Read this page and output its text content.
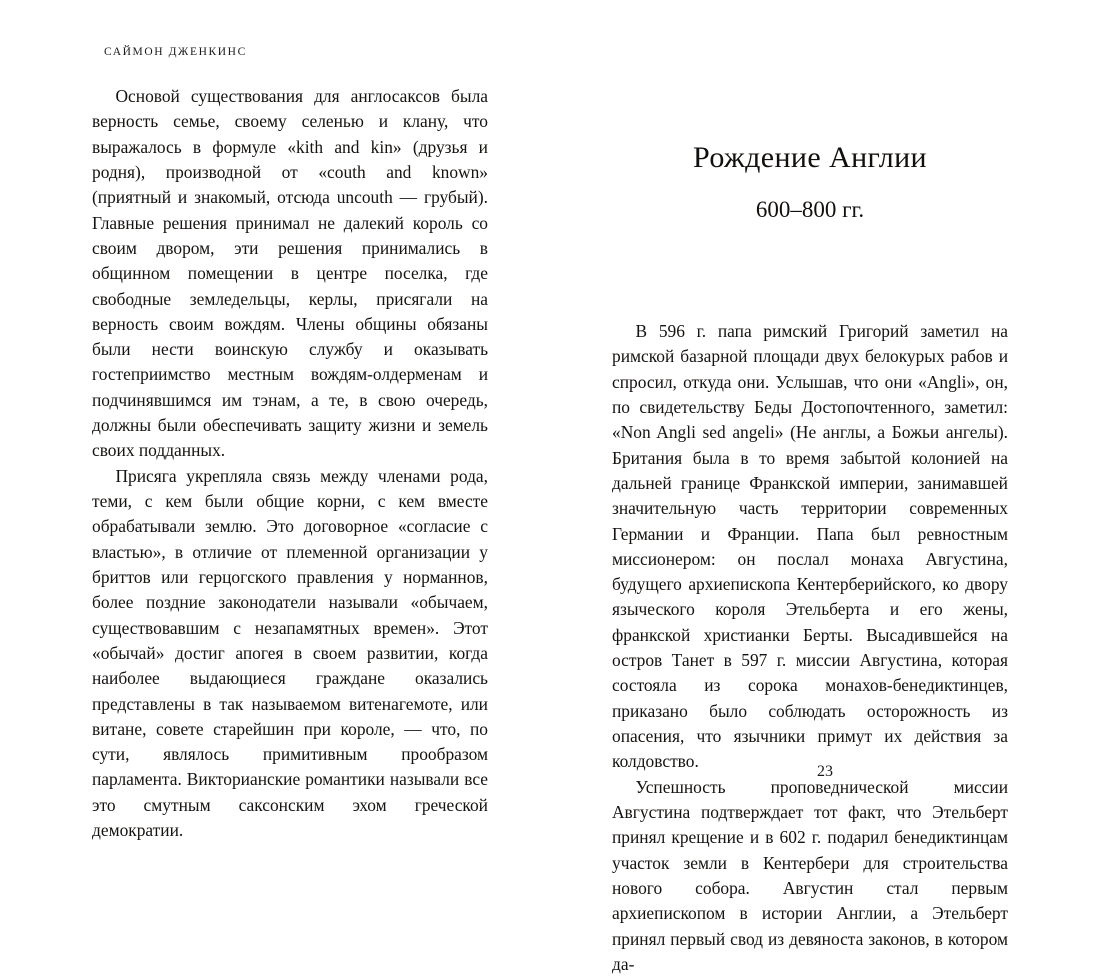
САЙМОН ДЖЕНКИНС

Основой существования для англосаксов была верность семье, своему селенью и клану, что выражалось в формуле «kith and kin» (друзья и родня), производной от «couth and known» (приятный и знакомый, отсюда uncouth — грубый). Главные решения принимал не далекий король со своим двором, эти решения принимались в общинном помещении в центре поселка, где свободные земледельцы, керлы, присягали на верность своим вождям. Члены общины обязаны были нести воинскую службу и оказывать гостеприимство местным вождям-олдерменам и подчинявшимся им тэнам, а те, в свою очередь, должны были обеспечивать защиту жизни и земель своих подданных.

Присяга укрепляла связь между членами рода, теми, с кем были общие корни, с кем вместе обрабатывали землю. Это договорное «согласие с властью», в отличие от племенной организации у бриттов или герцогского правления у норманнов, более поздние законодатели называли «обычаем, существовавшим с незапамятных времен». Этот «обычай» достиг апогея в своем развитии, когда наиболее выдающиеся граждане оказались представлены в так называемом витенагемоте, или витане, совете старейшин при короле, — что, по сути, являлось примитивным прообразом парламента. Викторианские романтики называли все это смутным саксонским эхом греческой демократии.

Рождение Англии
600–800 гг.

В 596 г. папа римский Григорий заметил на римской базарной площади двух белокурых рабов и спросил, откуда они. Услышав, что они «Angli», он, по свидетельству Беды Достопочтенного, заметил: «Non Angli sed angeli» (Не англы, а Божьи ангелы). Британия была в то время забытой колонией на дальней границе Франкской империи, занимавшей значительную часть территории современных Германии и Франции. Папа был ревностным миссионером: он послал монаха Августина, будущего архиепископа Кентерберийского, ко двору языческого короля Этельберта и его жены, франкской христианки Берты. Высадившейся на остров Танет в 597 г. миссии Августина, которая состояла из сорока монахов-бенедиктинцев, приказано было соблюдать осторожность из опасения, что язычники примут их действия за колдовство.

Успешность проповеднической миссии Августина подтверждает тот факт, что Этельберт принял крещение и в 602 г. подарил бенедиктинцам участок земли в Кентербери для строительства нового собора. Августин стал первым архиепископом в истории Англии, а Этельберт принял первый свод из девяноста законов, в котором да-

23
